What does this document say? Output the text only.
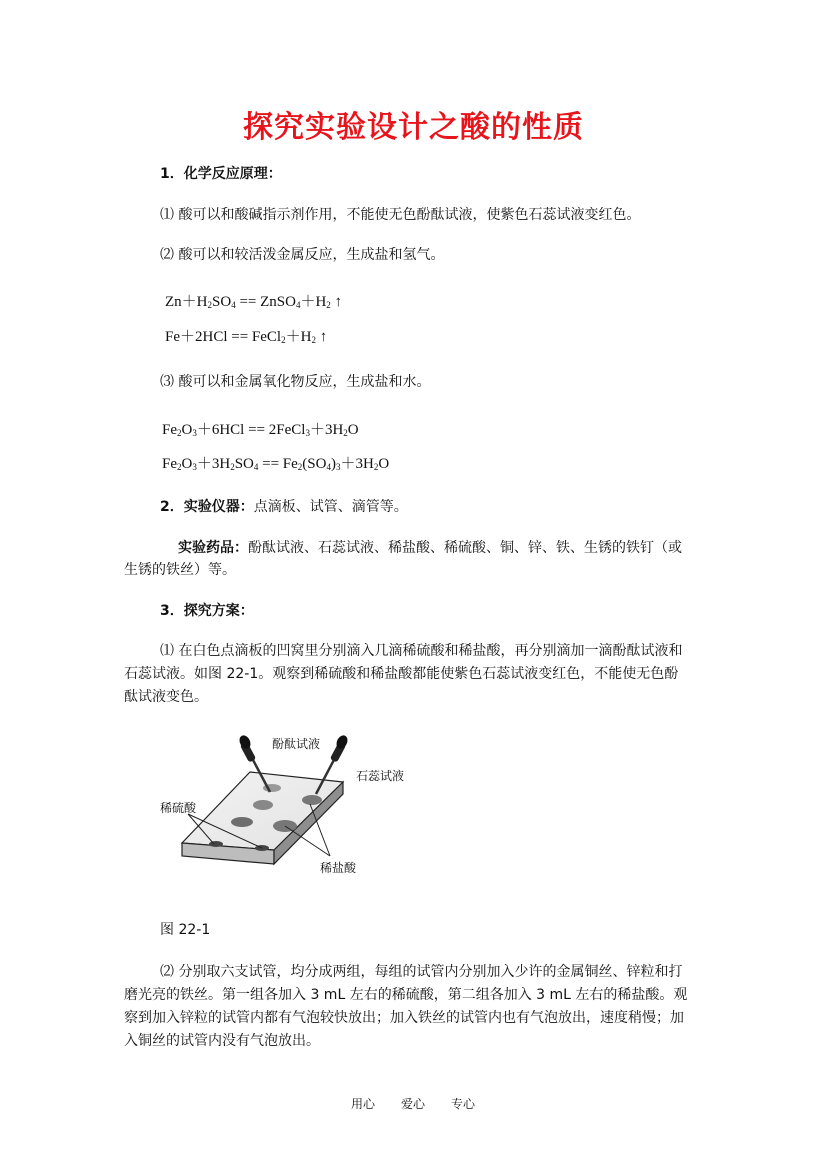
探究实验设计之酸的性质
1．化学反应原理：
⑴ 酸可以和酸碱指示剂作用，不能使无色酚酞试液，使紫色石蕊试液变红色。
⑵ 酸可以和较活泼金属反应，生成盐和氢气。
$Zn+H_2SO_4$ == $ZnSO_4+H_2$ ↑
$Fe+2HCl == FeCl_2+H_2$ ↑
⑶ 酸可以和金属氧化物反应，生成盐和水。
$Fe_2O_3+6HCl$ == $2FeCl_3+3H_2O$
$Fe_2O_3+3H_2SO_4 == Fe_2(SO_4)_3+3H_2O$
2．实验仪器：点滴板、试管、滴管等。
实验药品：酚酞试液、石蕊试液、稀盐酸、稀硫酸、铜、锌、铁、生锈的铁钉（或
生锈的铁丝）等。
3．探究方案：
⑴ 在白色点滴板的凹窝里分别滴入几滴稀硫酸和稀盐酸，再分别滴加一滴酚酞试液和
石蕊试液。如图 22-1。观察到稀硫酸和稀盐酸都能使紫色石蕊试液变红色，不能使无色酚
酞试液变色。
酚酞试液
石蕊试液
稀硫酸
稀盐酸
图 22-1
⑵ 分别取六支试管，均分成两组，每组的试管内分别加入少许的金属铜丝、锌粒和打
磨光亮的铁丝。第一组各加入 3 mL 左右的稀硫酸，第二组各加入 3 mL 左右的稀盐酸。观
察到加入锌粒的试管内都有气泡较快放出；加入铁丝的试管内也有气泡放出，速度稍慢；加
入铜丝的试管内没有气泡放出。
用心 爱心 专心
